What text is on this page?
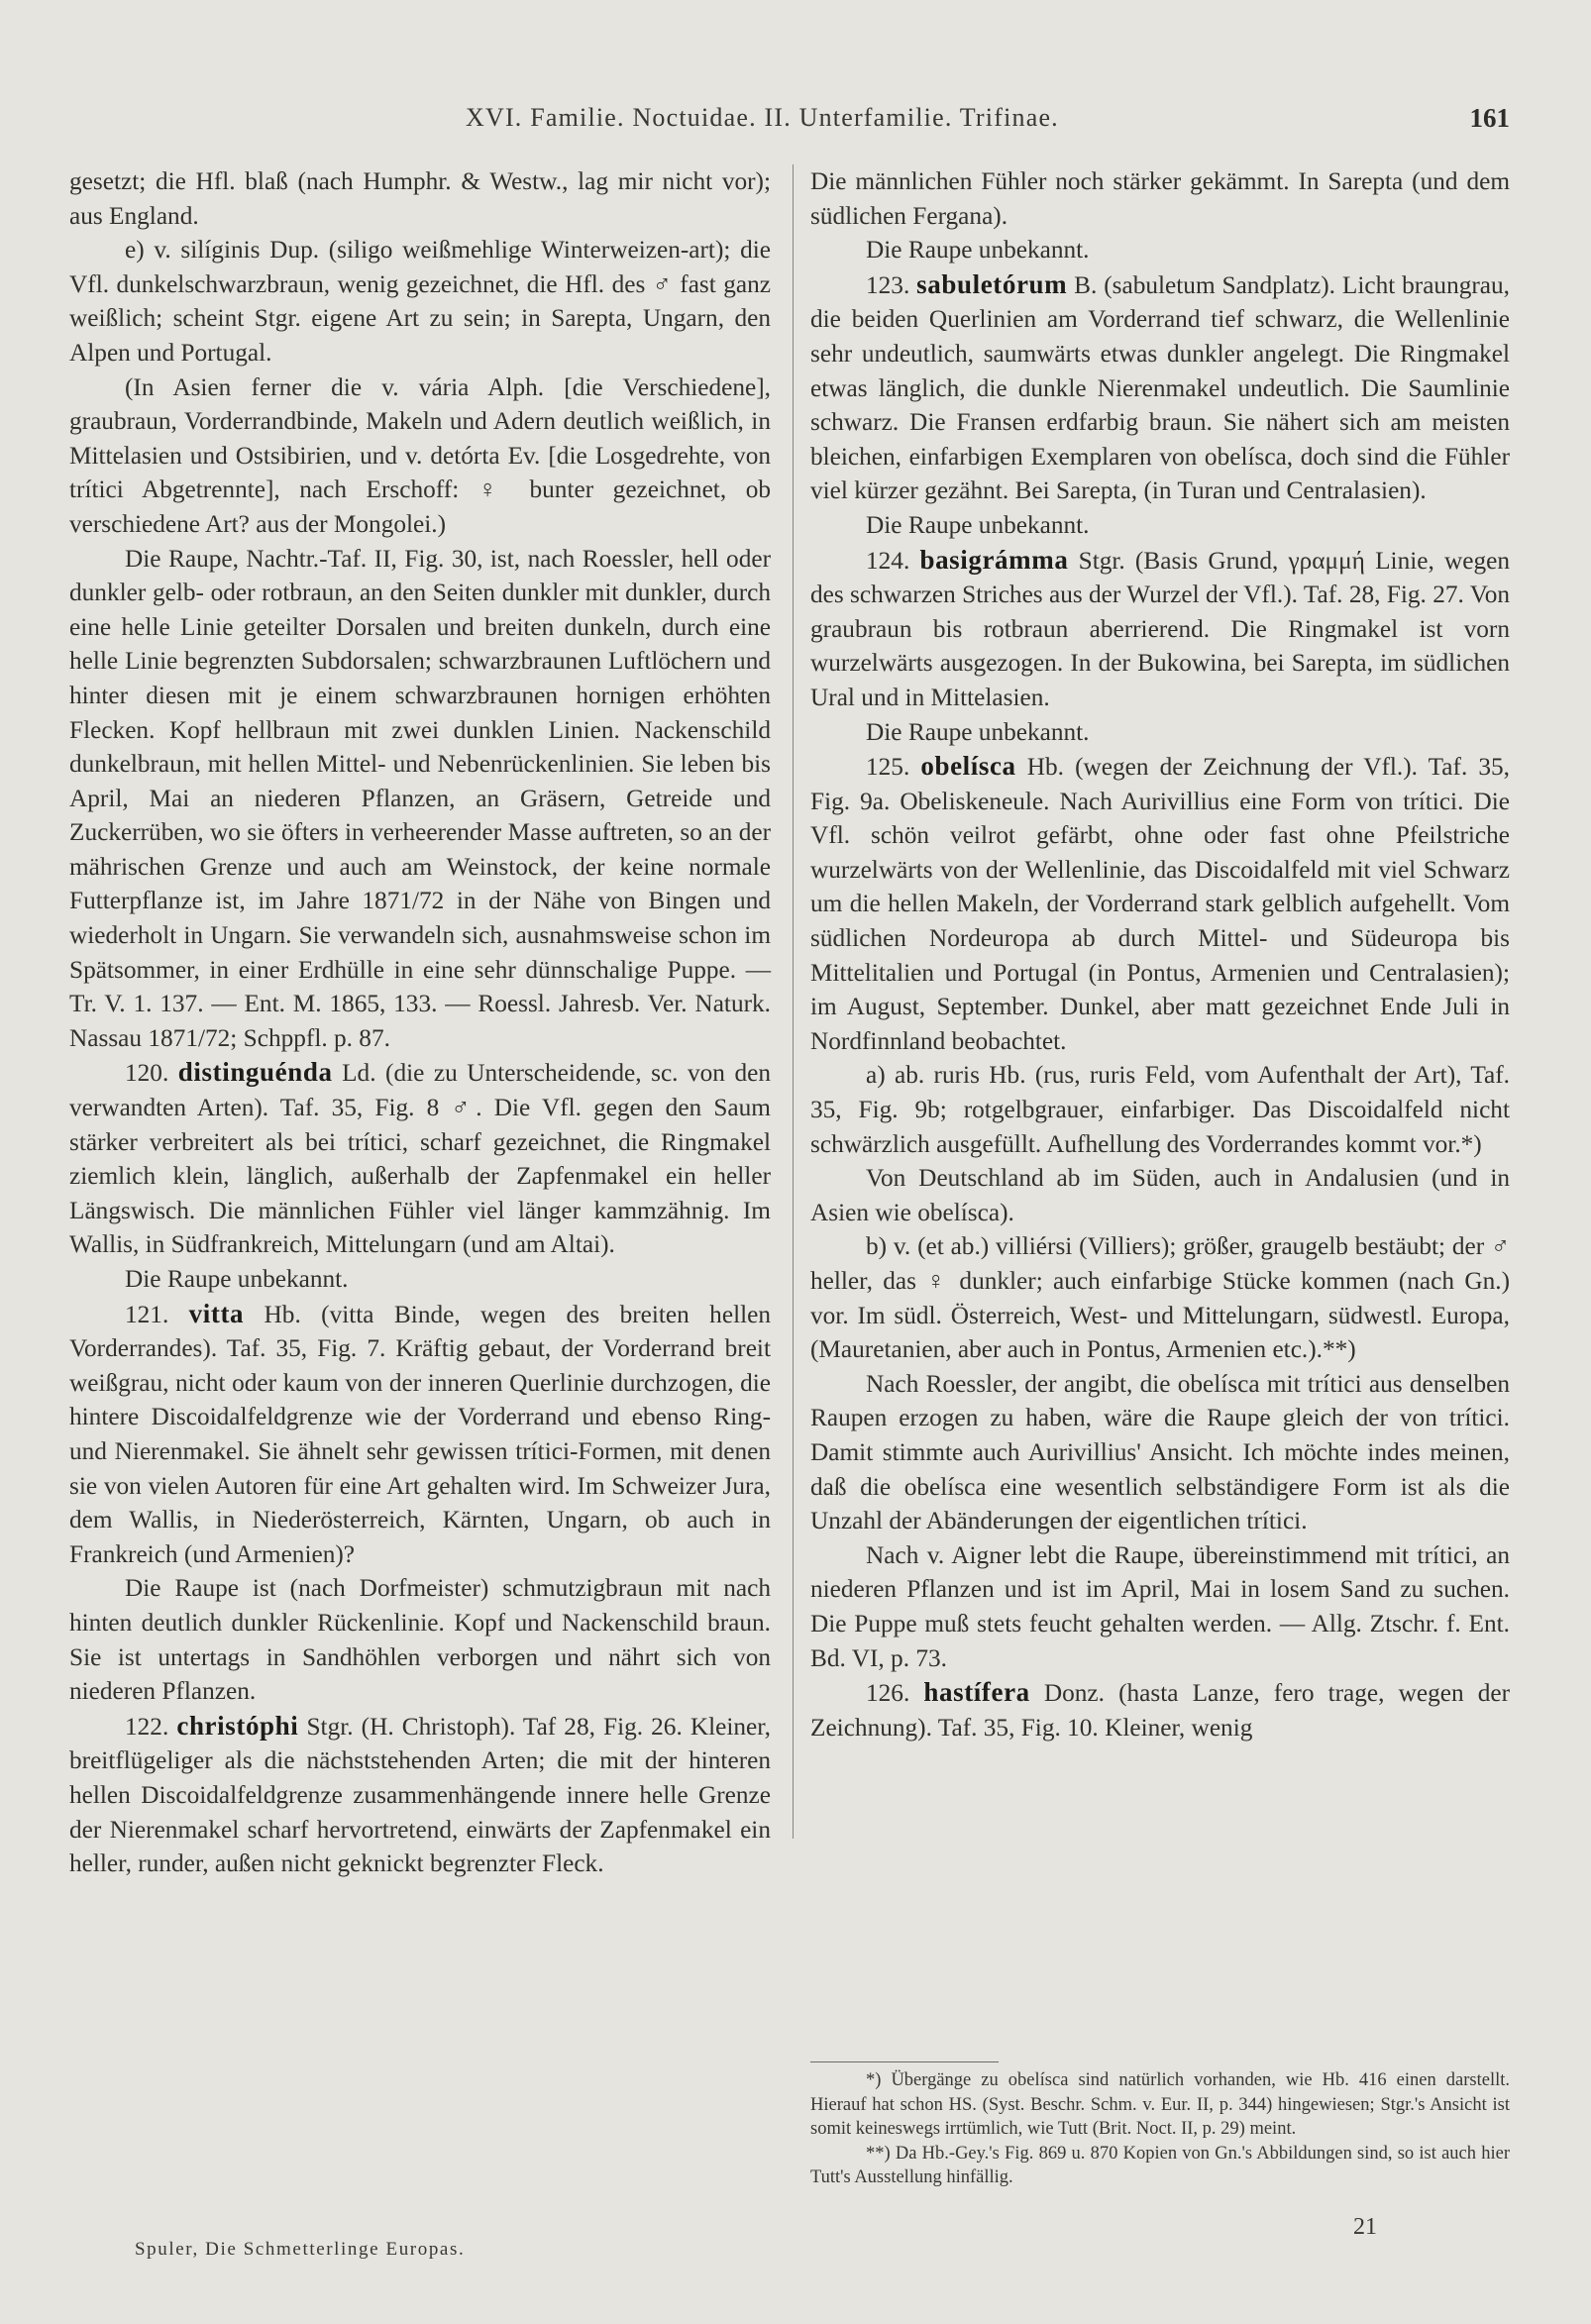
XVI. Familie. Noctuidae. II. Unterfamilie. Trifinae.	161

gesetzt; die Hfl. blaß (nach Humphr. & Westw., lag mir nicht vor); aus England.

e) v. silíginis Dup. (siligo weißmehlige Winterweizen-art); die Vfl. dunkelschwarzbraun, wenig gezeichnet, die Hfl. des ♂ fast ganz weißlich; scheint Stgr. eigene Art zu sein; in Sarepta, Ungarn, den Alpen und Portugal.

(In Asien ferner die v. vária Alph. [die Verschiedene], graubraun, Vorderrandbinde, Makeln und Adern deutlich weißlich, in Mittelasien und Ostsibirien, und v. detórta Ev. [die Losgedrehte, von trítici Abgetrennte], nach Erschoff: ♀ bunter gezeichnet, ob verschiedene Art? aus der Mongolei.)

Die Raupe, Nachtr.-Taf. II, Fig. 30, ist, nach Roessler, hell oder dunkler gelb- oder rotbraun, an den Seiten dunkler mit dunkler, durch eine helle Linie geteilter Dorsalen und breiten dunkeln, durch eine helle Linie begrenzten Subdorsalen; schwarzbraunen Luftlöchern und hinter diesen mit je einem schwarzbraunen hornigen erhöhten Flecken. Kopf hellbraun mit zwei dunklen Linien. Nackenschild dunkelbraun, mit hellen Mittel- und Nebenrückenlinien. Sie leben bis April, Mai an niederen Pflanzen, an Gräsern, Getreide und Zuckerrüben, wo sie öfters in verheerender Masse auftreten, so an der mährischen Grenze und auch am Weinstock, der keine normale Futterpflanze ist, im Jahre 1871/72 in der Nähe von Bingen und wiederholt in Ungarn. Sie verwandeln sich, ausnahmsweise schon im Spätsommer, in einer Erdhülle in eine sehr dünnschalige Puppe. — Tr. V. 1. 137. — Ent. M. 1865, 133. — Roessl. Jahresb. Ver. Naturk. Nassau 1871/72; Schppfl. p. 87.

120. distinguénda Ld. (die zu Unterscheidende, sc. von den verwandten Arten). Taf. 35, Fig. 8 ♂. Die Vfl. gegen den Saum stärker verbreitert als bei trítici, scharf gezeichnet, die Ringmakel ziemlich klein, länglich, außerhalb der Zapfenmakel ein heller Längswisch. Die männlichen Fühler viel länger kammzähnig. Im Wallis, in Südfrankreich, Mittelungarn (und am Altai).

Die Raupe unbekannt.

121. vitta Hb. (vitta Binde, wegen des breiten hellen Vorderrandes). Taf. 35, Fig. 7. Kräftig gebaut, der Vorderrand breit weißgrau, nicht oder kaum von der inneren Querlinie durchzogen, die hintere Discoidalfeldgrenze wie der Vorderrand und ebenso Ring- und Nierenmakel. Sie ähnelt sehr gewissen trítici-Formen, mit denen sie von vielen Autoren für eine Art gehalten wird. Im Schweizer Jura, dem Wallis, in Niederösterreich, Kärnten, Ungarn, ob auch in Frankreich (und Armenien)?

Die Raupe ist (nach Dorfmeister) schmutzigbraun mit nach hinten deutlich dunkler Rückenlinie. Kopf und Nackenschild braun. Sie ist untertags in Sandhöhlen verborgen und nährt sich von niederen Pflanzen.

122. christóphi Stgr. (H. Christoph). Taf 28, Fig. 26. Kleiner, breitflügeliger als die nächststehenden Arten; die mit der hinteren hellen Discoidalfeldgrenze zusammenhängende innere helle Grenze der Nierenmakel scharf hervortretend, einwärts der Zapfenmakel ein heller, runder, außen nicht geknickt begrenzter Fleck.

Die männlichen Fühler noch stärker gekämmt. In Sarepta (und dem südlichen Fergana).

Die Raupe unbekannt.

123. sabuletórum B. (sabuletum Sandplatz). Licht braungrau, die beiden Querlinien am Vorderrand tief schwarz, die Wellenlinie sehr undeutlich, saumwärts etwas dunkler angelegt. Die Ringmakel etwas länglich, die dunkle Nierenmakel undeutlich. Die Saumlinie schwarz. Die Fransen erdfarbig braun. Sie nähert sich am meisten bleichen, einfarbigen Exemplaren von obelísca, doch sind die Fühler viel kürzer gezähnt. Bei Sarepta, (in Turan und Centralasien).

Die Raupe unbekannt.

124. basigrámma Stgr. (Basis Grund, γραμμή Linie, wegen des schwarzen Striches aus der Wurzel der Vfl.). Taf. 28, Fig. 27. Von graubraun bis rotbraun aberrierend. Die Ringmakel ist vorn wurzelwärts ausgezogen. In der Bukowina, bei Sarepta, im südlichen Ural und in Mittelasien.

Die Raupe unbekannt.

125. obelísca Hb. (wegen der Zeichnung der Vfl.). Taf. 35, Fig. 9a. Obeliskeneule. Nach Aurivillius eine Form von trítici. Die Vfl. schön veilrot gefärbt, ohne oder fast ohne Pfeilstriche wurzelwärts von der Wellenlinie, das Discoidalfeld mit viel Schwarz um die hellen Makeln, der Vorderrand stark gelblich aufgehellt. Vom südlichen Nordeuropa ab durch Mittel- und Südeuropa bis Mittelitalien und Portugal (in Pontus, Armenien und Centralasien); im August, September. Dunkel, aber matt gezeichnet Ende Juli in Nordfinnland beobachtet.

a) ab. ruris Hb. (rus, ruris Feld, vom Aufenthalt der Art), Taf. 35, Fig. 9b; rotgelbgrauer, einfarbiger. Das Discoidalfeld nicht schwärzlich ausgefüllt. Aufhellung des Vorderrandes kommt vor.*)

Von Deutschland ab im Süden, auch in Andalusien (und in Asien wie obelísca).

b) v. (et ab.) villiérsi (Villiers); größer, graugelb bestäubt; der ♂ heller, das ♀ dunkler; auch einfarbige Stücke kommen (nach Gn.) vor. Im südl. Österreich, West- und Mittelungarn, südwestl. Europa, (Mauretanien, aber auch in Pontus, Armenien etc.).**)

Nach Roessler, der angibt, die obelísca mit trítici aus denselben Raupen erzogen zu haben, wäre die Raupe gleich der von trítici. Damit stimmte auch Aurivillius' Ansicht. Ich möchte indes meinen, daß die obelísca eine wesentlich selbständigere Form ist als die Unzahl der Abänderungen der eigentlichen trítici.

Nach v. Aigner lebt die Raupe, übereinstimmend mit trítici, an niederen Pflanzen und ist im April, Mai in losem Sand zu suchen. Die Puppe muß stets feucht gehalten werden. — Allg. Ztschr. f. Ent. Bd. VI, p. 73.

126. hastífera Donz. (hasta Lanze, fero trage, wegen der Zeichnung). Taf. 35, Fig. 10. Kleiner, wenig

*) Übergänge zu obelísca sind natürlich vorhanden, wie Hb. 416 einen darstellt. Hierauf hat schon HS. (Syst. Beschr. Schm. v. Eur. II, p. 344) hingewiesen; Stgr.'s Ansicht ist somit keineswegs irrtümlich, wie Tutt (Brit. Noct. II, p. 29) meint.

**) Da Hb.-Gey.'s Fig. 869 u. 870 Kopien von Gn.'s Abbildungen sind, so ist auch hier Tutt's Ausstellung hinfällig.

21
Spuler, Die Schmetterlinge Europas.
